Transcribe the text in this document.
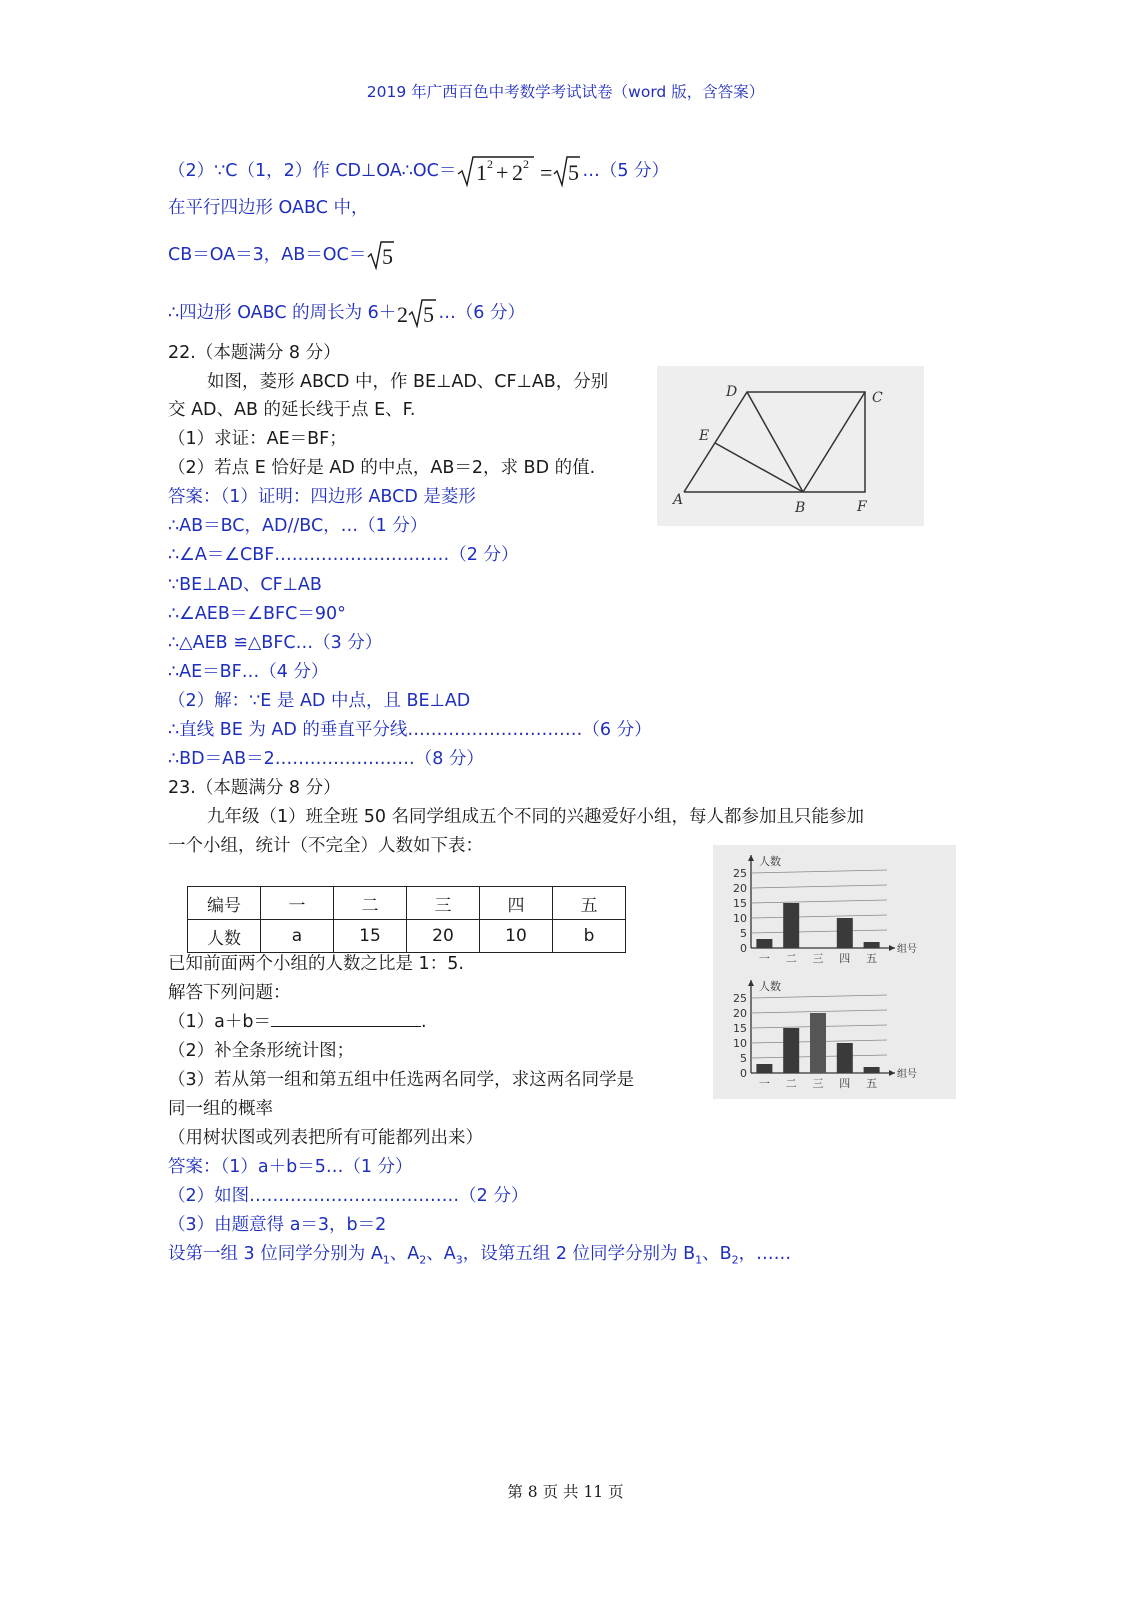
2019 年广西百色中考数学考试试卷（word 版，含答案）
（2）∵C（1，2）作 CD⊥OA∴OC＝ 1 2 + 2 2 = 5 …（5 分）
在平行四边形 OABC 中，
CB＝OA＝3，AB＝OC＝ 5
∴四边形 OABC 的周长为 6＋ 2 5 …（6 分）
22.（本题满分 8 分）
如图，菱形 ABCD 中，作 BE⊥AD、CF⊥AB，分别
交 AD、AB 的延长线于点 E、F.
（1）求证：AE＝BF；
（2）若点 E 恰好是 AD 的中点，AB＝2，求 BD 的值.
答案：（1）证明：四边形 ABCD 是菱形
∴AB＝BC，AD//BC，…（1 分）
∴∠A＝∠CBF…………………………（2 分）
∵BE⊥AD、CF⊥AB
∴∠AEB＝∠BFC＝90°
∴△AEB ≌△BFC…（3 分）
∴AE＝BF…（4 分）
（2）解：∵E 是 AD 中点，且 BE⊥AD
∴直线 BE 为 AD 的垂直平分线…………………………（6 分）
∴BD＝AB＝2……………………（8 分）
D	C
E
A	B	F
23.（本题满分 8 分）
九年级（1）班全班 50 名同学组成五个不同的兴趣爱好小组，每人都参加且只能参加
一个小组，统计（不完全）人数如下表：
编号	一	二	三	四	五
人数	a	15	20	10	b
已知前面两个小组的人数之比是 1：5.
解答下列问题：
（1）a＋b＝	.
（2）补全条形统计图；
（3）若从第一组和第五组中任选两名同学，求这两名同学是
同一组的概率
（用树状图或列表把所有可能都列出来）
答案：（1）a＋b＝5…（1 分）
（2）如图………………………………（2 分）
（3）由题意得 a＝3，b＝2
设第一组 3 位同学分别为 $A_1$、$A_2$、$A_3$，设第五组 2 位同学分别为 $B_1$、$B_2$，……
25
20
15
10
5
0
人数
组号
一 二 三 四 五
25
20
15
10
5
0
人数
组号
一 二 三 四 五
第 8 页 共 11 页
